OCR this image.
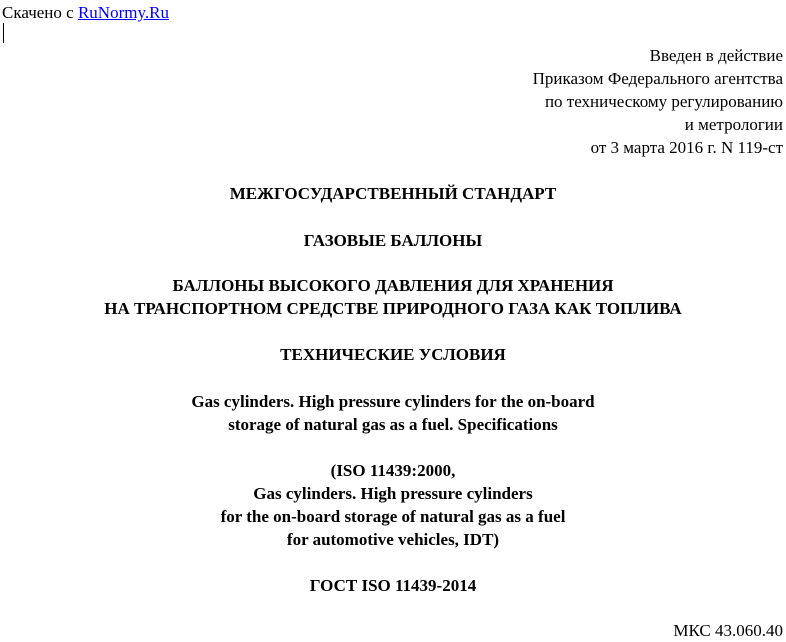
Скачено с RuNormy.Ru
Введен в действие
Приказом Федерального агентства
по техническому регулированию
и метрологии
от 3 марта 2016 г. N 119-ст
МЕЖГОСУДАРСТВЕННЫЙ СТАНДАРТ
ГАЗОВЫЕ БАЛЛОНЫ
БАЛЛОНЫ ВЫСОКОГО ДАВЛЕНИЯ ДЛЯ ХРАНЕНИЯ
НА ТРАНСПОРТНОМ СРЕДСТВЕ ПРИРОДНОГО ГАЗА КАК ТОПЛИВА
ТЕХНИЧЕСКИЕ УСЛОВИЯ
Gas cylinders. High pressure cylinders for the on-board
storage of natural gas as a fuel. Specifications
(ISO 11439:2000,
Gas cylinders. High pressure cylinders
for the on-board storage of natural gas as a fuel
for automotive vehicles, IDT)
ГОСТ ISO 11439-2014
МКС 43.060.40
